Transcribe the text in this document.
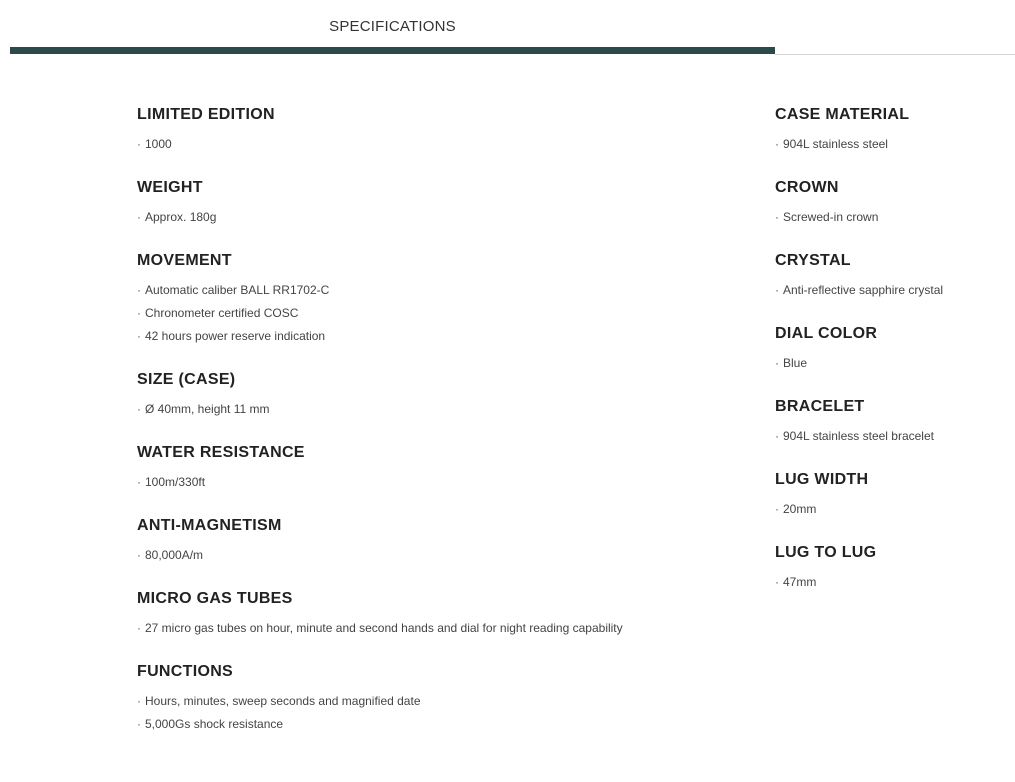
SPECIFICATIONS
LIMITED EDITION
· 1000
WEIGHT
· Approx. 180g
MOVEMENT
· Automatic caliber BALL RR1702-C
· Chronometer certified COSC
· 42 hours power reserve indication
SIZE (CASE)
· Ø 40mm, height 11 mm
WATER RESISTANCE
· 100m/330ft
ANTI-MAGNETISM
· 80,000A/m
MICRO GAS TUBES
· 27 micro gas tubes on hour, minute and second hands and dial for night reading capability
FUNCTIONS
· Hours, minutes, sweep seconds and magnified date
· 5,000Gs shock resistance
CASE MATERIAL
· 904L stainless steel
CROWN
· Screwed-in crown
CRYSTAL
· Anti-reflective sapphire crystal
DIAL COLOR
· Blue
BRACELET
· 904L stainless steel bracelet
LUG WIDTH
· 20mm
LUG TO LUG
· 47mm
